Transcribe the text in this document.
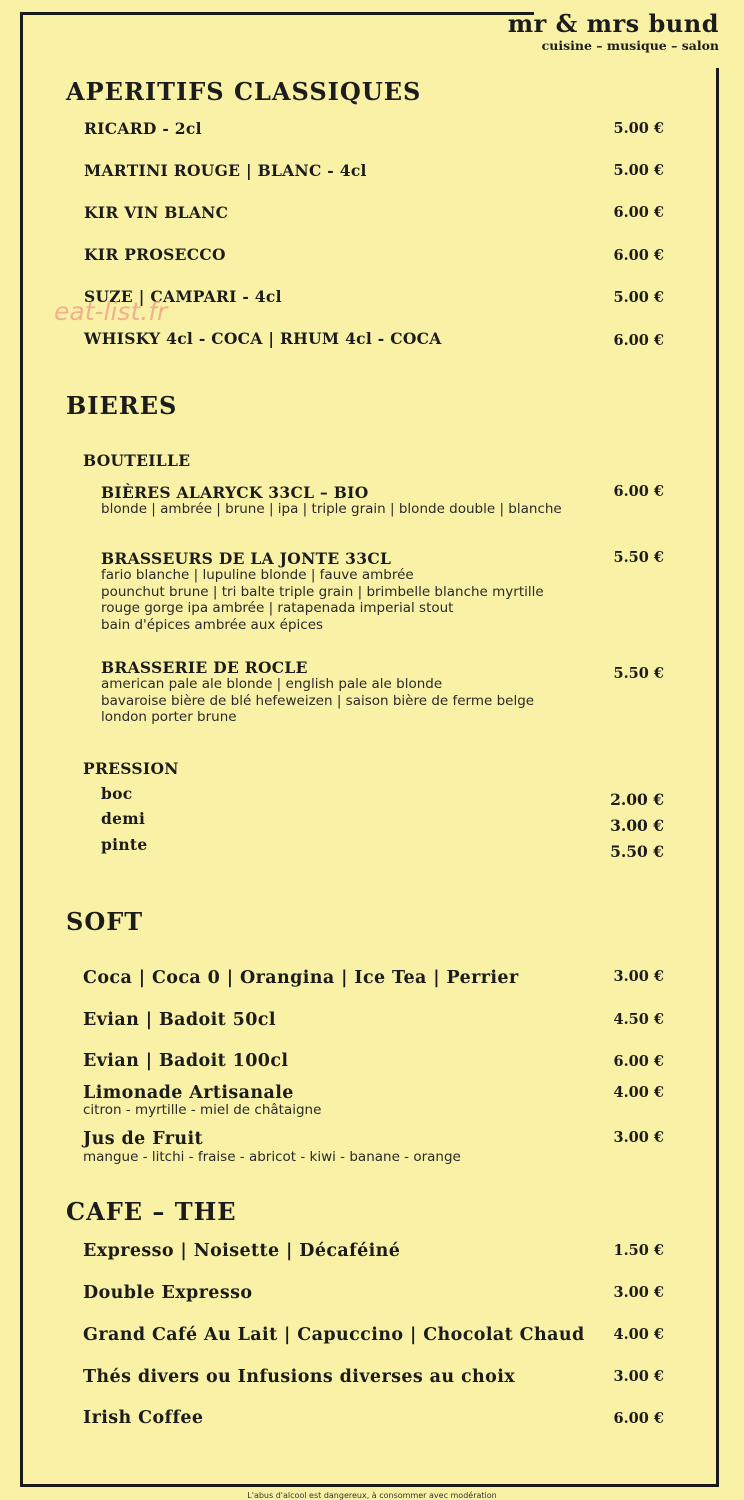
mr & mrs bund
cuisine – musique – salon
APERITIFS CLASSIQUES
RICARD - 2cl	5.00 €
MARTINI ROUGE | BLANC - 4cl	5.00 €
KIR VIN BLANC	6.00 €
KIR PROSECCO	6.00 €
SUZE | CAMPARI - 4cl	5.00 €
WHISKY 4cl - COCA | RHUM 4cl - COCA	6.00 €
eat-list.fr
BIERES
BOUTEILLE
BIÈRES ALARYCK 33CL – BIO	6.00 €
blonde | ambrée | brune | ipa | triple grain | blonde double | blanche
BRASSEURS DE LA JONTE 33CL	5.50 €
fario blanche | lupuline blonde | fauve ambrée
pounchut brune | tri balte triple grain | brimbelle blanche myrtille
rouge gorge ipa ambrée | ratapenada imperial stout
bain d'épices ambrée aux épices
BRASSERIE DE ROCLE	5.50 €
american pale ale blonde | english pale ale blonde
bavaroise bière de blé hefeweizen | saison bière de ferme belge
london porter brune
PRESSION
boc	2.00 €
demi	3.00 €
pinte	5.50 €
SOFT
Coca | Coca 0 | Orangina | Ice Tea | Perrier	3.00 €
Evian | Badoit 50cl	4.50 €
Evian | Badoit 100cl	6.00 €
Limonade Artisanale	4.00 €
citron - myrtille - miel de châtaigne
Jus de Fruit	3.00 €
mangue - litchi - fraise - abricot - kiwi - banane - orange
CAFE – THE
Expresso | Noisette | Décaféiné	1.50 €
Double Expresso	3.00 €
Grand Café Au Lait | Capuccino | Chocolat Chaud 4.00 €
Thés divers ou Infusions diverses au choix	3.00 €
Irish Coffee	6.00 €
L'abus d'alcool est dangereux, à consommer avec modération
